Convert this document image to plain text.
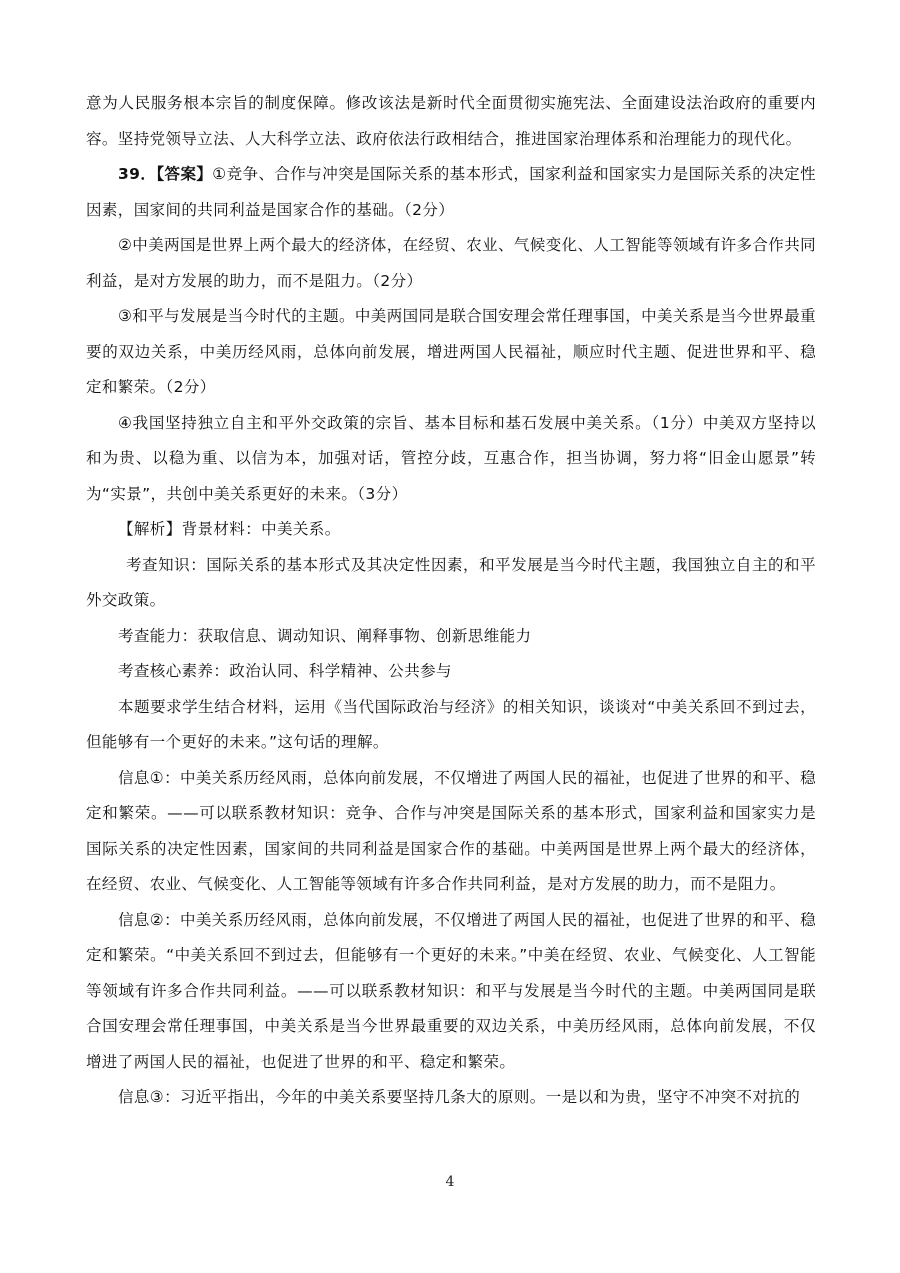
意为人民服务根本宗旨的制度保障。修改该法是新时代全面贯彻实施宪法、全面建设法治政府的重要内容。坚持党领导立法、人大科学立法、政府依法行政相结合，推进国家治理体系和治理能力的现代化。

39．【答案】①竞争、合作与冲突是国际关系的基本形式，国家利益和国家实力是国际关系的决定性因素，国家间的共同利益是国家合作的基础。（2分）

②中美两国是世界上两个最大的经济体，在经贸、农业、气候变化、人工智能等领域有许多合作共同利益，是对方发展的助力，而不是阻力。（2分）

③和平与发展是当今时代的主题。中美两国同是联合国安理会常任理事国，中美关系是当今世界最重要的双边关系，中美历经风雨，总体向前发展，增进两国人民福祉，顺应时代主题、促进世界和平、稳定和繁荣。（2分）

④我国坚持独立自主和平外交政策的宗旨、基本目标和基石发展中美关系。（1分）中美双方坚持以和为贵、以稳为重、以信为本，加强对话，管控分歧，互惠合作，担当协调，努力将“旧金山愿景”转为“实景”，共创中美关系更好的未来。（3分）

【解析】背景材料：中美关系。

考查知识：国际关系的基本形式及其决定性因素，和平发展是当今时代主题，我国独立自主的和平外交政策。

考查能力：获取信息、调动知识、阐释事物、创新思维能力

考查核心素养：政治认同、科学精神、公共参与

本题要求学生结合材料，运用《当代国际政治与经济》的相关知识，谈谈对“中美关系回不到过去，但能够有一个更好的未来。”这句话的理解。

信息①：中美关系历经风雨，总体向前发展，不仅增进了两国人民的福祉，也促进了世界的和平、稳定和繁荣。——可以联系教材知识：竞争、合作与冲突是国际关系的基本形式，国家利益和国家实力是国际关系的决定性因素，国家间的共同利益是国家合作的基础。中美两国是世界上两个最大的经济体，在经贸、农业、气候变化、人工智能等领域有许多合作共同利益，是对方发展的助力，而不是阻力。

信息②：中美关系历经风雨，总体向前发展，不仅增进了两国人民的福祉，也促进了世界的和平、稳定和繁荣。“中美关系回不到过去，但能够有一个更好的未来。”中美在经贸、农业、气候变化、人工智能等领域有许多合作共同利益。——可以联系教材知识：和平与发展是当今时代的主题。中美两国同是联合国安理会常任理事国，中美关系是当今世界最重要的双边关系，中美历经风雨，总体向前发展，不仅增进了两国人民的福祉，也促进了世界的和平、稳定和繁荣。

信息③：习近平指出，今年的中美关系要坚持几条大的原则。一是以和为贵，坚守不冲突不对抗的

4
